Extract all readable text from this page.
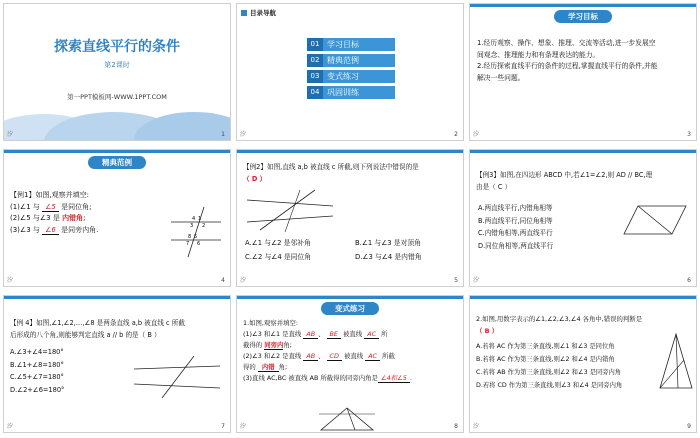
探索直线平行的条件
第2课时
第一PPT模板网-WWW.1PPT.COM
汐	1
目录导航
01 学习目标
02 精典范例
03 变式练习
04 巩固训练
汐	2
学习目标
1.经历观察、操作、想象、推理、交流等活动,进一步发展空
间观念、推理能力和有条理表达的能力。
2.经历探索直线平行的条件的过程,掌握直线平行的条件,并能
解决一些问题。
汐	3
精典范例
【例1】如图,观察并填空:
(1)∠1 与 ∠5 是同位角;
(2)∠5 与∠3 是 内错角;
(3)∠3 与 ∠6 是同旁内角.
1
2
3
4
5
6
7
8
汐	4
【例2】如图,直线 a,b 被直线 c 所截,则下列说法中错误的是
（ D ）
A.∠1 与∠2 是邻补角	B.∠1 与∠3 是对顶角
C.∠2 与∠4 是同位角	D.∠3 与∠4 是内错角
汐	5
【例3】如图,在四边形 ABCD 中,若∠1=∠2,则 AD // BC,理
由是（ C ）
A.两直线平行,内错角相等
B.两直线平行,同位角相等
C.内错角相等,两直线平行
D.同位角相等,两直线平行
汐	6
【例 4】如图,∠1,∠2,…,∠8 是两条直线 a,b 被直线 c 所截
后形成的八个角,则能够判定直线 a // b 的是（ B ）
A.∠3+∠4=180°
B.∠1+∠8=180°
C.∠5+∠7=180°
D.∠2+∠6=180°
汐	7
变式练习
1.如图,观察并填空:
(1)∠3 和∠1 是直线 AB 、 BE 被直线 AC 所
截得的 同旁内角;
(2)∠3 和∠2 是直线 AB 、 CD 被直线 AC 所截
得的 内错 角;
(3)直线 AC,BC 被直线 AB 所截得的同旁内角是 ∠4和∠5 .
汐	8
2.如图,用数字表示的∠1,∠2,∠3,∠4 各角中,错误的判断是
（ B ）
A.若将 AC 作为第三条直线,则∠1 和∠3 是同位角
B.若将 AC 作为第三条直线,则∠2 和∠4 是内错角
C.若将 AB 作为第三条直线,则∠2 和∠3 是同旁内角
D.若将 CD 作为第三条直线,则∠3 和∠4 是同旁内角
汐	9
